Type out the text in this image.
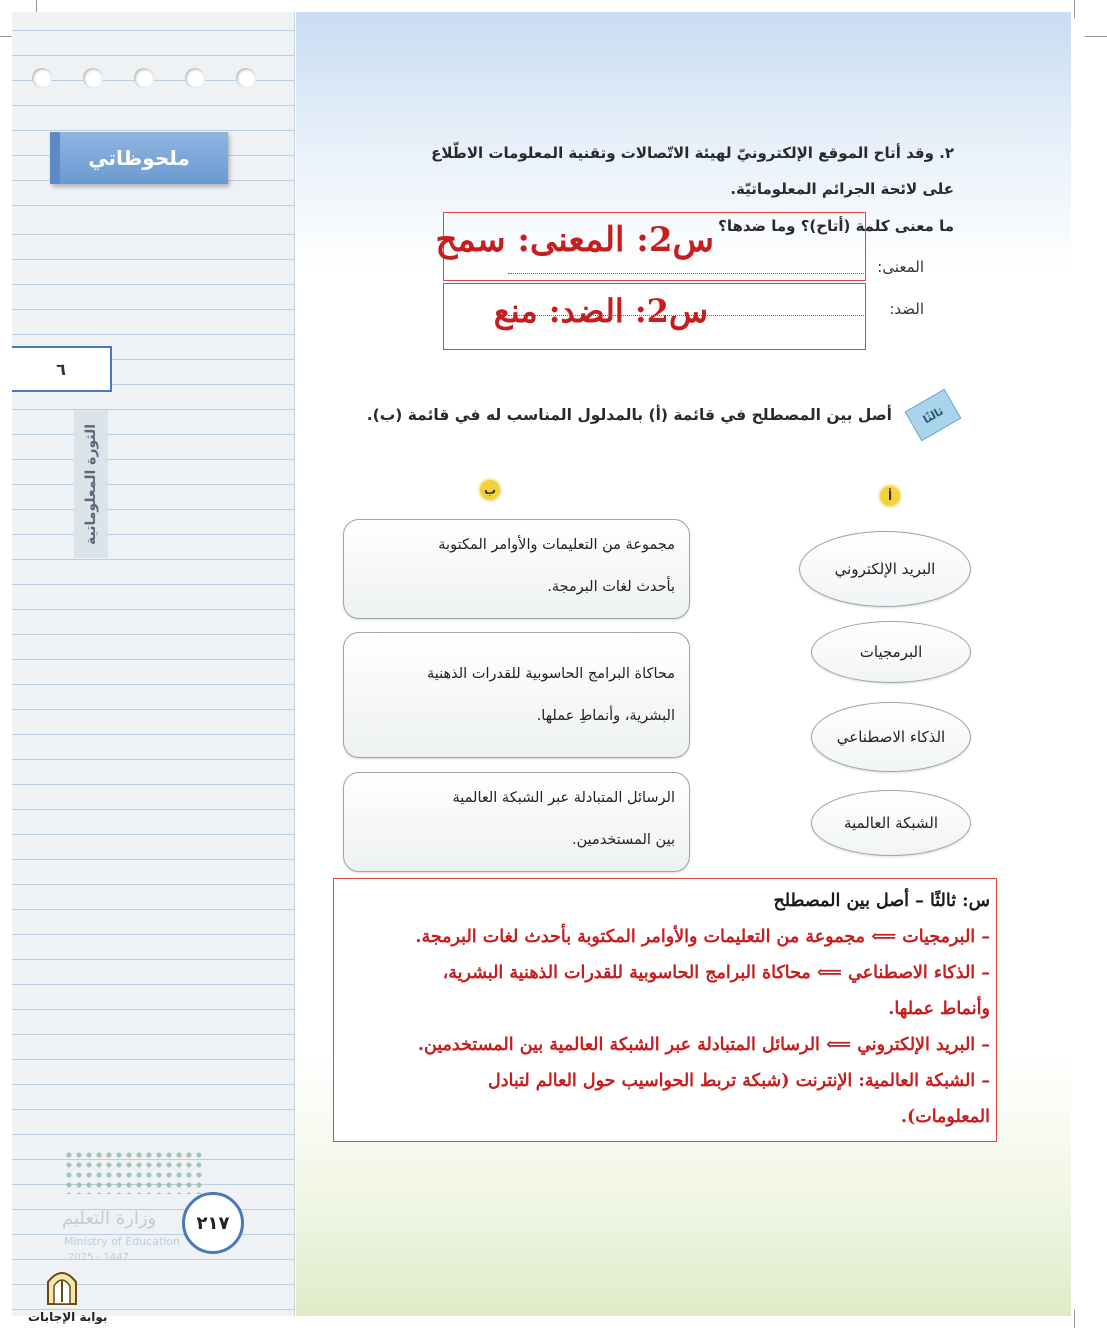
ملحوظاتي
٦
الثورة المعلوماتية
وزارة التعليم
Ministry of Education
2025 - 1447
٢١٧
بوابة الإجابات
٢. وقد أتاح الموقع الإلكترونيّ لهيئة الاتّصالات وتقنية المعلومات الاطّلاع
على لائحة الجرائم المعلوماتيّة.
ما معنى كلمة (أتاح)؟ وما ضدها؟
المعنى:
الضد:
س2: المعنى: سمح
س2: الضد: منع
ثالثًا
أصل بين المصطلح في قائمة (أ) بالمدلول المناسب له في قائمة (ب).
أ
ب
البريد الإلكتروني
البرمجيات
الذكاء الاصطناعي
الشبكة العالمية
مجموعة من التعليمات والأوامر المكتوبة
بأحدث لغات البرمجة.
محاكاة البرامج الحاسوبية للقدرات الذهنية
البشرية، وأنماطِ عملها.
الرسائل المتبادلة عبر الشبكة العالمية
بين المستخدمين.
س: ثالثًا – أصل بين المصطلح
– البرمجيات ⟸ مجموعة من التعليمات والأوامر المكتوبة بأحدث لغات البرمجة.
– الذكاء الاصطناعي ⟸ محاكاة البرامج الحاسوبية للقدرات الذهنية البشرية،
وأنماط عملها.
– البريد الإلكتروني ⟸ الرسائل المتبادلة عبر الشبكة العالمية بين المستخدمين.
– الشبكة العالمية: الإنترنت (شبكة تربط الحواسيب حول العالم لتبادل
المعلومات).
